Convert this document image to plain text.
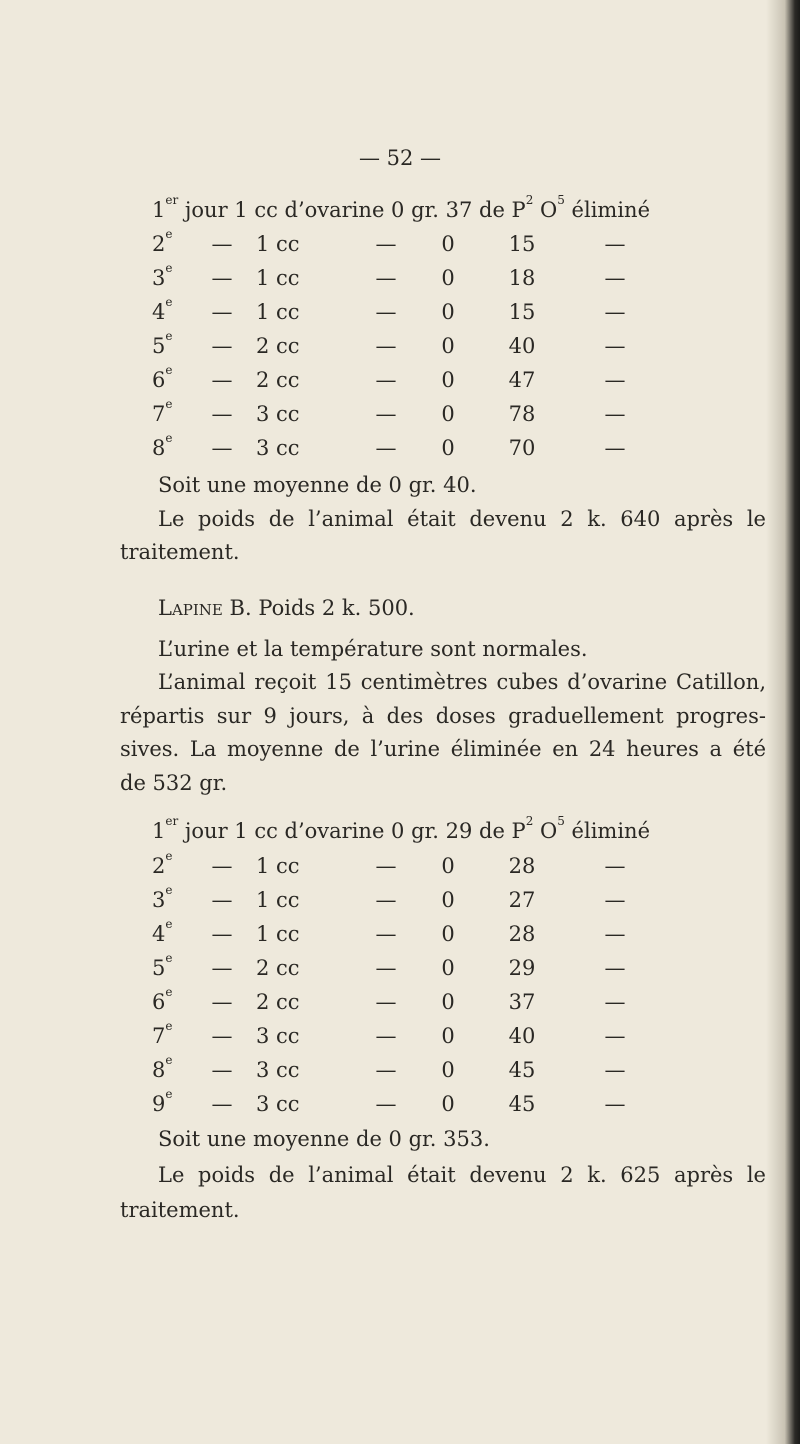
— 52 —
1er jour 1 cc d’ovarine 0 gr. 37 de $P^2$ $O^5$ éliminé
2e	—	1 cc	—	0	15	—
3e	—	1 cc	—	0	18	—
4e	—	1 cc	—	0	15	—
5e	—	2 cc	—	0	40	—
6e	—	2 cc	—	0	47	—
7e	—	3 cc	—	0	78	—
8e	—	3 cc	—	0	70	—

Soit une moyenne de 0 gr. 40.

Le poids de l’animal était devenu 2 k. 640 après le

traitement.

Lapine B. Poids 2 k. 500.

L’urine et la température sont normales.

L’animal reçoit 15 centimètres cubes d’ovarine Catillon,

répartis sur 9 jours, à des doses graduellement progres-

sives. La moyenne de l’urine éliminée en 24 heures a été

de 532 gr.

1er jour 1 cc d’ovarine 0 gr. 29 de $P^2$ $O^5$ éliminé
2e	—	1 cc	—	0	28	—
3e	—	1 cc	—	0	27	—
4e	—	1 cc	—	0	28	—
5e	—	2 cc	—	0	29	—
6e	—	2 cc	—	0	37	—
7e	—	3 cc	—	0	40	—
8e	—	3 cc	—	0	45	—
9e	—	3 cc	—	0	45	—

Soit une moyenne de 0 gr. 353.

Le poids de l’animal était devenu 2 k. 625 après le

traitement.
